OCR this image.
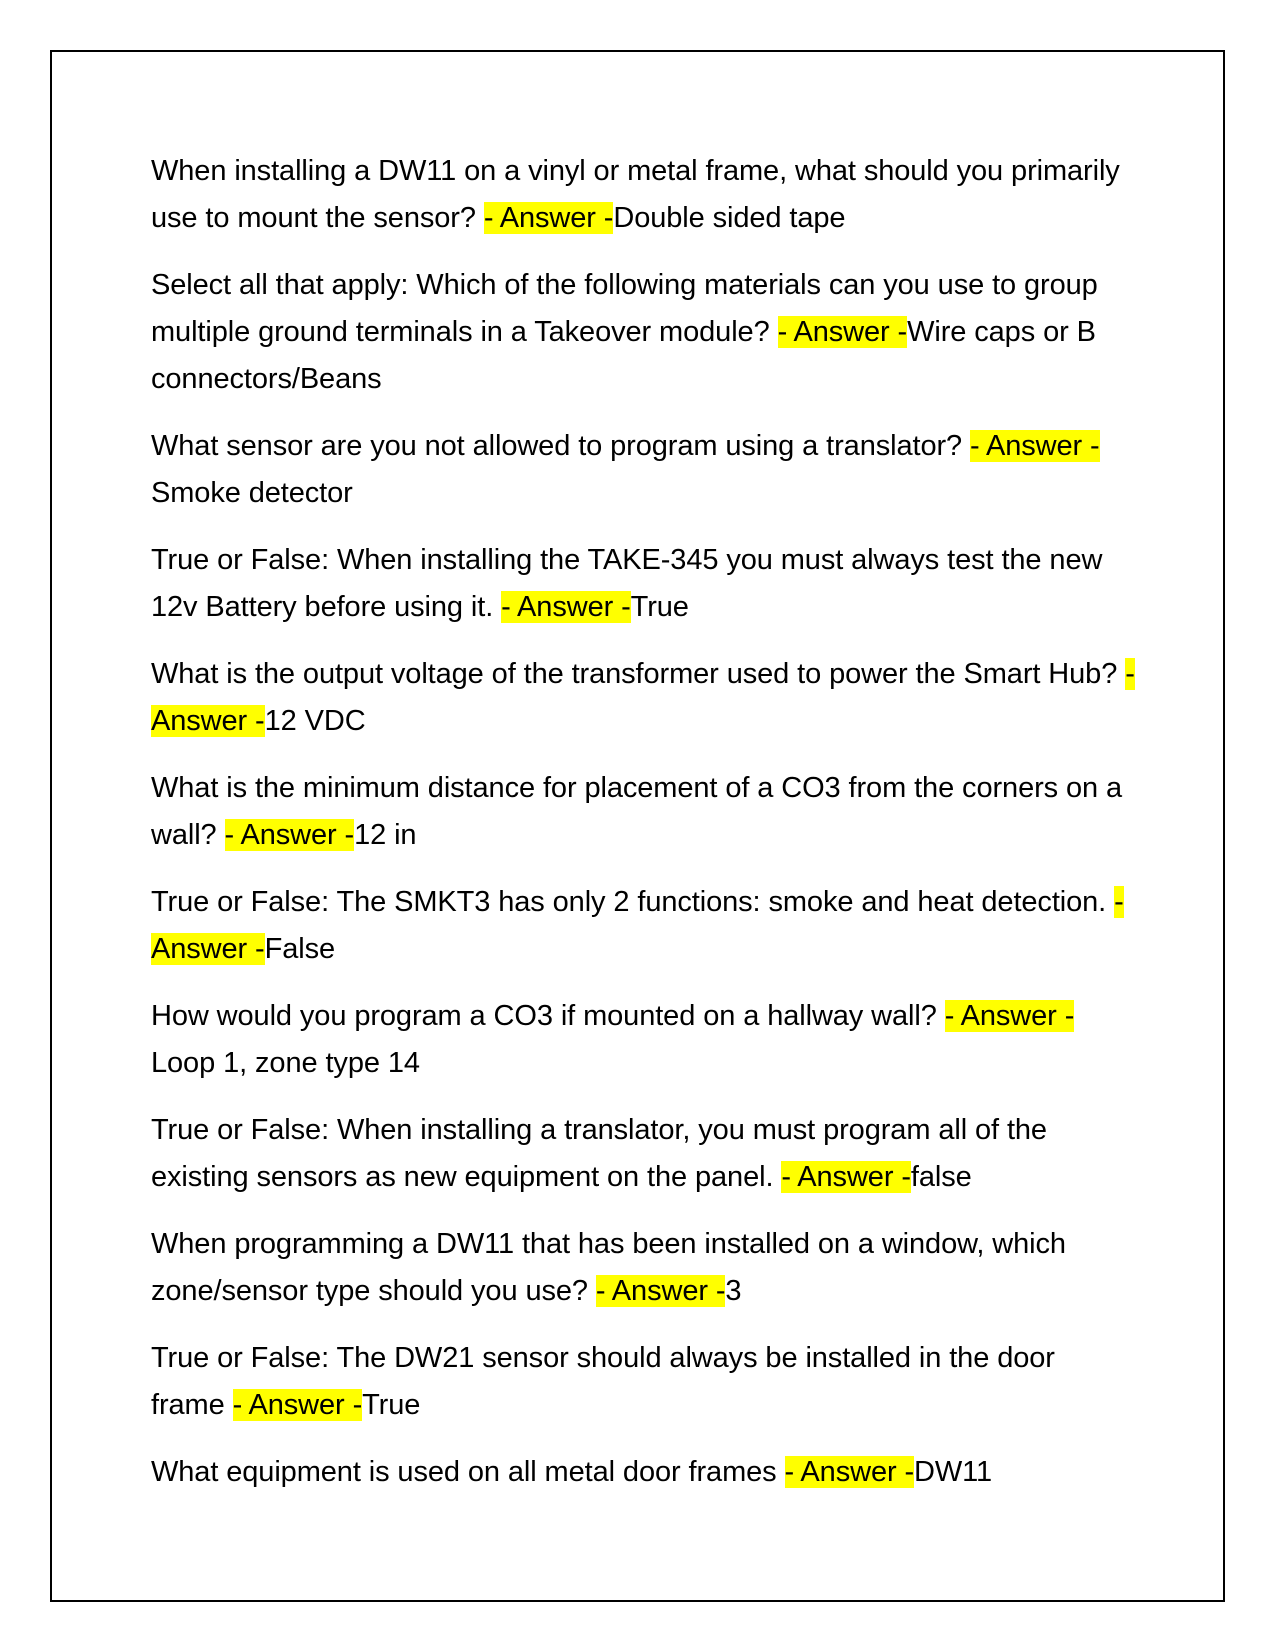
When installing a DW11 on a vinyl or metal frame, what should you primarily use to mount the sensor? - Answer -Double sided tape
Select all that apply: Which of the following materials can you use to group multiple ground terminals in a Takeover module? - Answer -Wire caps or B connectors/Beans
What sensor are you not allowed to program using a translator? - Answer -Smoke detector
True or False: When installing the TAKE-345 you must always test the new 12v Battery before using it. - Answer -True
What is the output voltage of the transformer used to power the Smart Hub? - Answer -12 VDC
What is the minimum distance for placement of a CO3 from the corners on a wall? - Answer -12 in
True or False: The SMKT3 has only 2 functions: smoke and heat detection. - Answer -False
How would you program a CO3 if mounted on a hallway wall? - Answer -Loop 1, zone type 14
True or False: When installing a translator, you must program all of the existing sensors as new equipment on the panel. - Answer -false
When programming a DW11 that has been installed on a window, which zone/sensor type should you use? - Answer -3
True or False: The DW21 sensor should always be installed in the door frame - Answer -True
What equipment is used on all metal door frames - Answer -DW11
